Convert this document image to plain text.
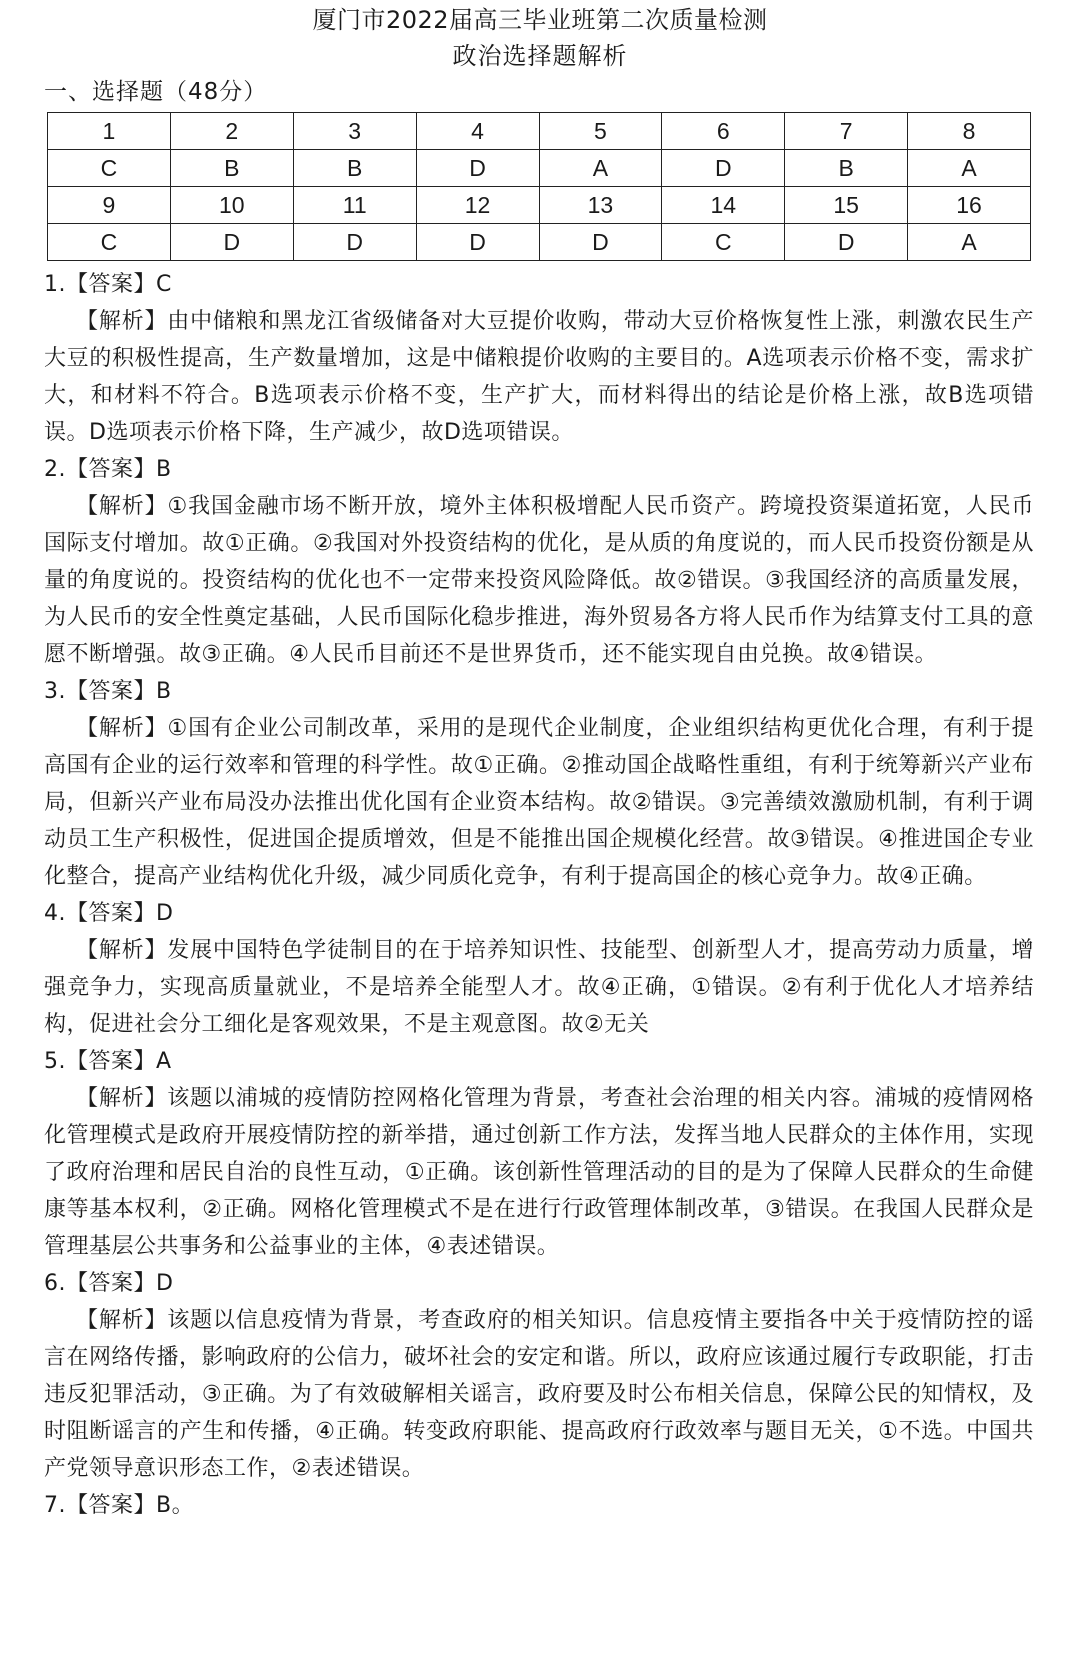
厦门市2022届高三毕业班第二次质量检测
政治选择题解析
一、选择题（48分）
1	2	3	4	5	6	7	8
C	B	B	D	A	D	B	A
9	10	11	12	13	14	15	16
C	D	D	D	D	C	D	A
1.【答案】C

【解析】由中储粮和黑龙江省级储备对大豆提价收购，带动大豆价格恢复性上涨，刺激农民生产大豆的积极性提高，生产数量增加，这是中储粮提价收购的主要目的。A选项表示价格不变，需求扩大，和材料不符合。B选项表示价格不变，生产扩大，而材料得出的结论是价格上涨，故B选项错误。D选项表示价格下降，生产减少，故D选项错误。

2.【答案】B

【解析】①我国金融市场不断开放，境外主体积极增配人民币资产。跨境投资渠道拓宽，人民币国际支付增加。故①正确。②我国对外投资结构的优化，是从质的角度说的，而人民币投资份额是从量的角度说的。投资结构的优化也不一定带来投资风险降低。故②错误。③我国经济的高质量发展，为人民币的安全性奠定基础，人民币国际化稳步推进，海外贸易各方将人民币作为结算支付工具的意愿不断增强。故③正确。④人民币目前还不是世界货币，还不能实现自由兑换。故④错误。

3.【答案】B

【解析】①国有企业公司制改革，采用的是现代企业制度，企业组织结构更优化合理，有利于提高国有企业的运行效率和管理的科学性。故①正确。②推动国企战略性重组，有利于统筹新兴产业布局，但新兴产业布局没办法推出优化国有企业资本结构。故②错误。③完善绩效激励机制，有利于调动员工生产积极性，促进国企提质增效，但是不能推出国企规模化经营。故③错误。④推进国企专业化整合，提高产业结构优化升级，减少同质化竞争，有利于提高国企的核心竞争力。故④正确。

4.【答案】D

【解析】发展中国特色学徒制目的在于培养知识性、技能型、创新型人才，提高劳动力质量，增强竞争力，实现高质量就业，不是培养全能型人才。故④正确，①错误。②有利于优化人才培养结构，促进社会分工细化是客观效果，不是主观意图。故②无关

5.【答案】A

【解析】该题以浦城的疫情防控网格化管理为背景，考查社会治理的相关内容。浦城的疫情网格化管理模式是政府开展疫情防控的新举措，通过创新工作方法，发挥当地人民群众的主体作用，实现了政府治理和居民自治的良性互动，①正确。该创新性管理活动的目的是为了保障人民群众的生命健康等基本权利，②正确。网格化管理模式不是在进行行政管理体制改革，③错误。在我国人民群众是管理基层公共事务和公益事业的主体，④表述错误。

6.【答案】D

【解析】该题以信息疫情为背景，考查政府的相关知识。信息疫情主要指各中关于疫情防控的谣言在网络传播，影响政府的公信力，破坏社会的安定和谐。所以，政府应该通过履行专政职能，打击违反犯罪活动，③正确。为了有效破解相关谣言，政府要及时公布相关信息，保障公民的知情权，及时阻断谣言的产生和传播，④正确。转变政府职能、提高政府行政效率与题目无关，①不选。中国共产党领导意识形态工作，②表述错误。

7.【答案】B。
